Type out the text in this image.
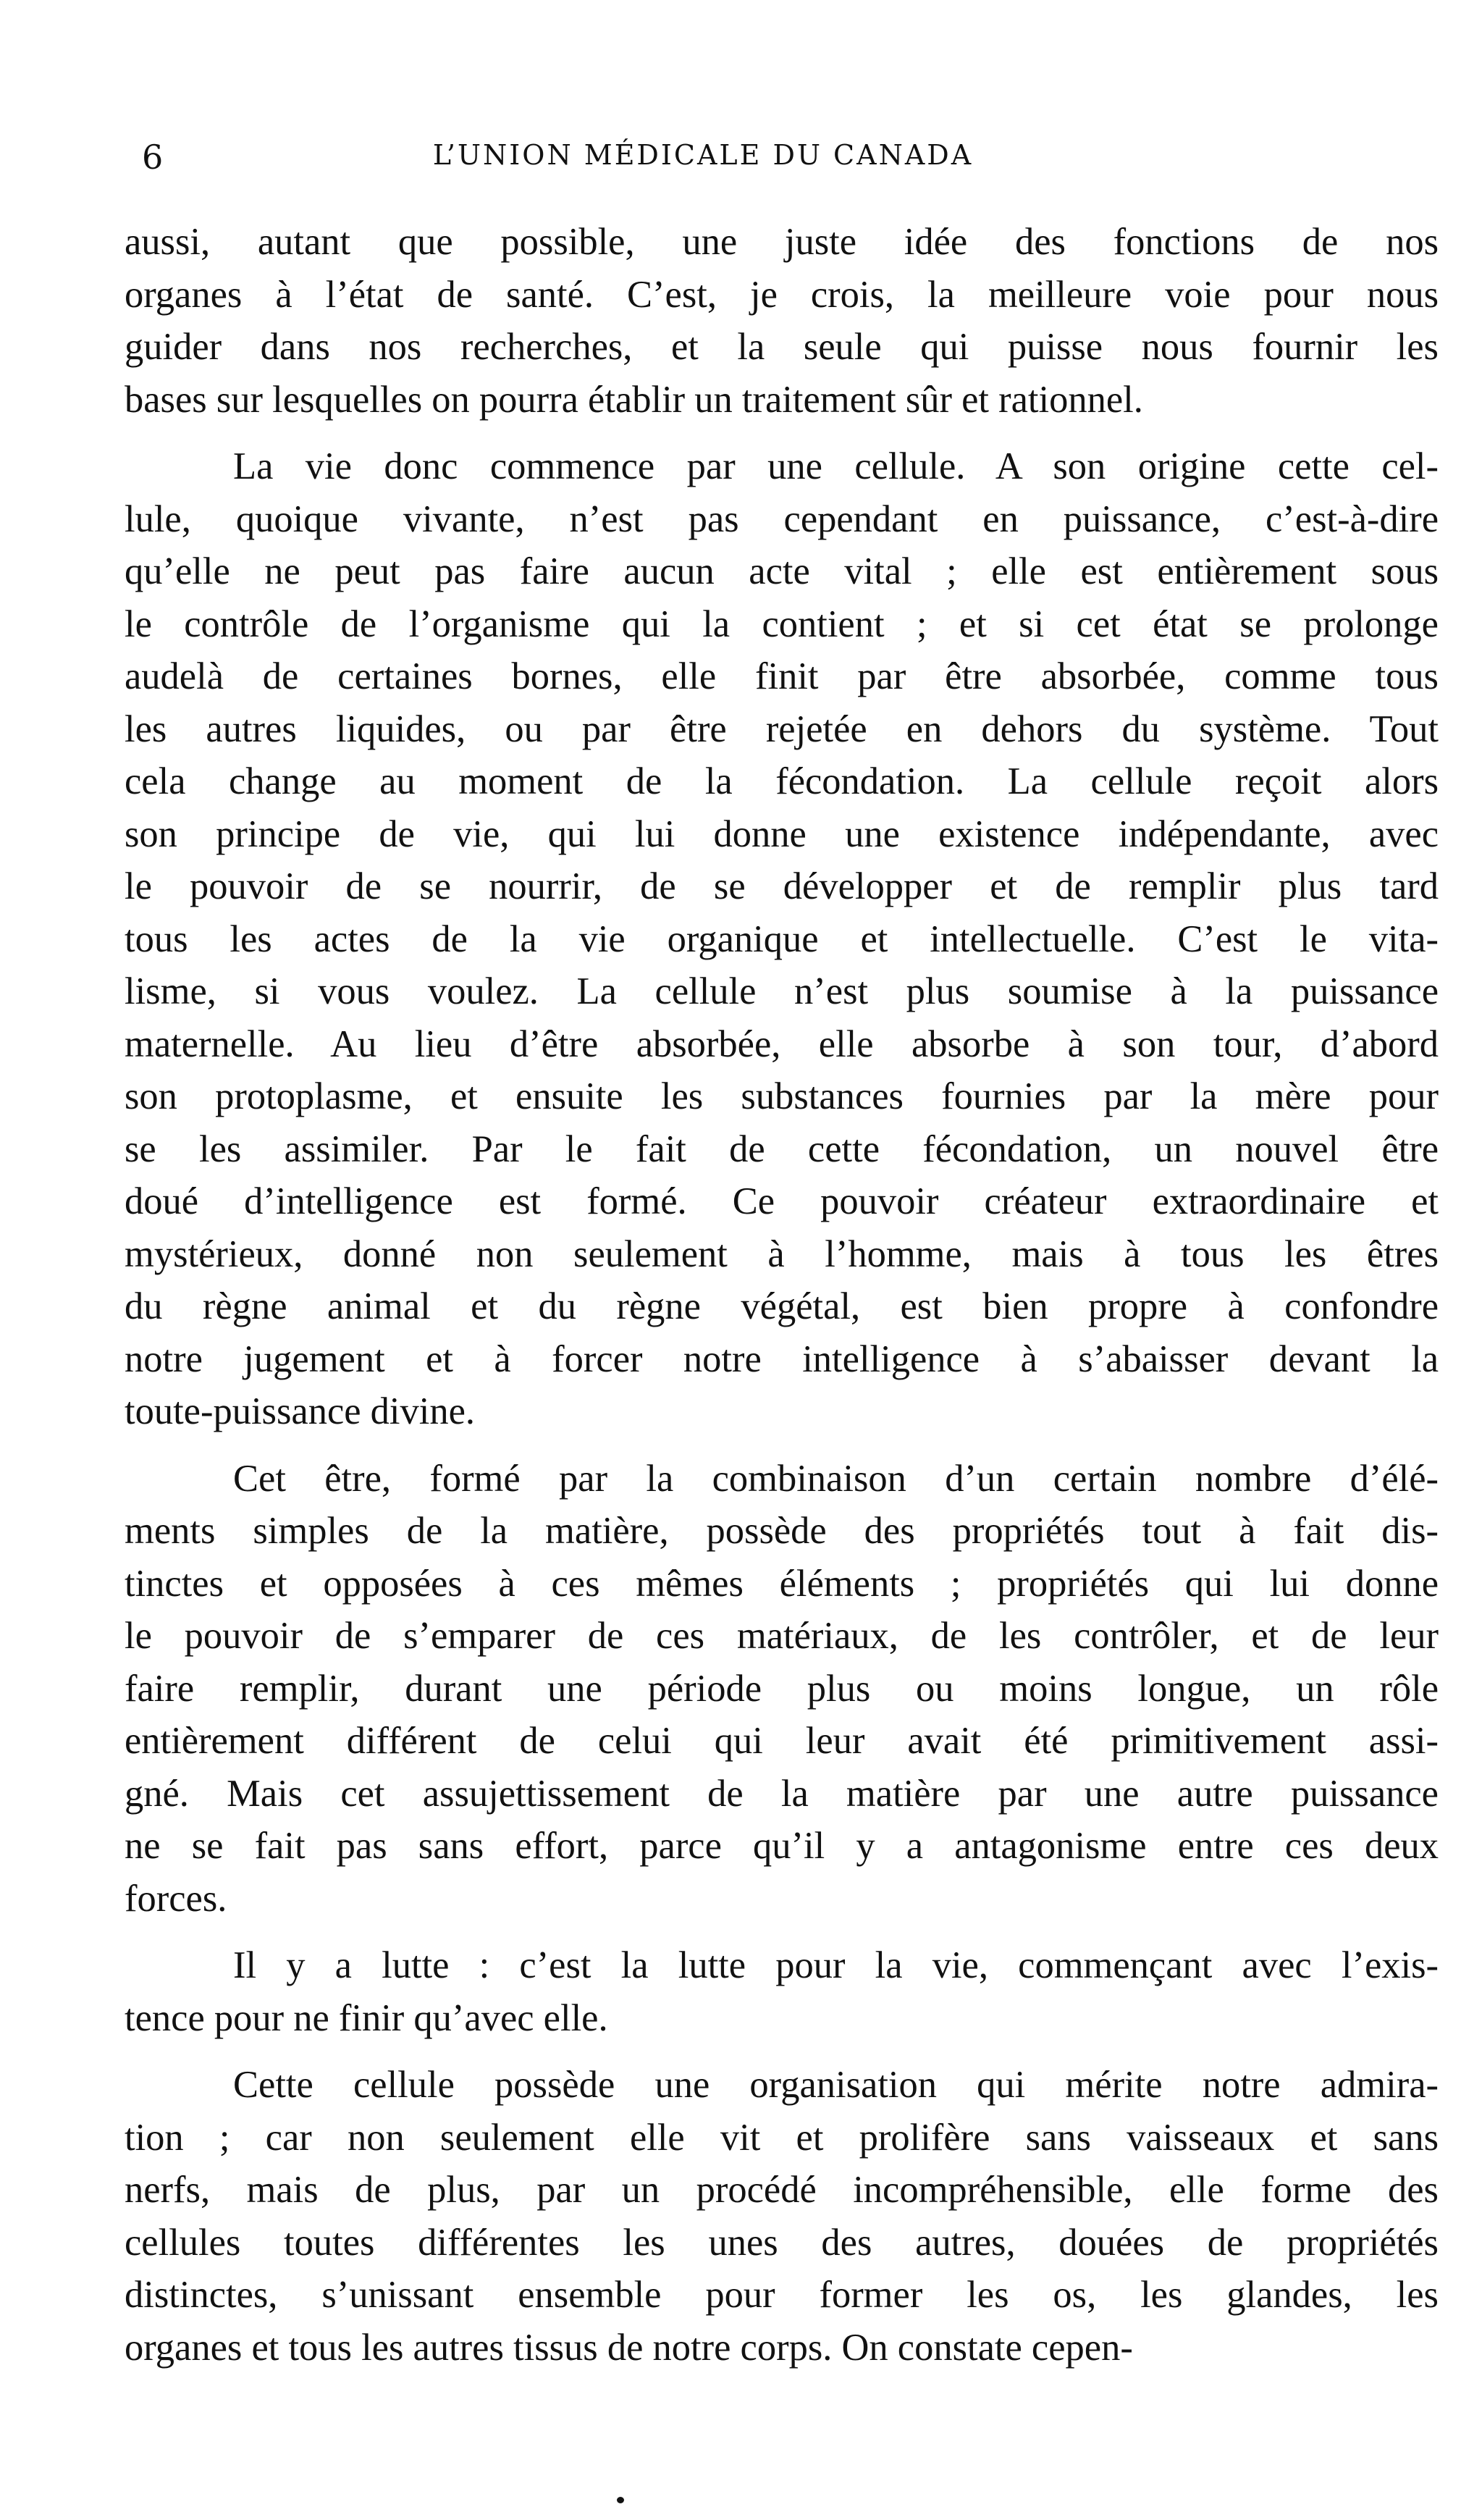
6	L’UNION MÉDICALE DU CANADA
aussi, autant que possible, une juste idée des fonctions de nos
organes à l’état de santé. C’est, je crois, la meilleure voie pour nous
guider dans nos recherches, et la seule qui puisse nous fournir les
bases sur lesquelles on pourra établir un traitement sûr et rationnel.
La vie donc commence par une cellule. A son origine cette cel-
lule, quoique vivante, n’est pas cependant en puissance, c’est-à-dire
qu’elle ne peut pas faire aucun acte vital ; elle est entièrement sous
le contrôle de l’organisme qui la contient ; et si cet état se prolonge
audelà de certaines bornes, elle finit par être absorbée, comme tous
les autres liquides, ou par être rejetée en dehors du système. Tout
cela change au moment de la fécondation. La cellule reçoit alors
son principe de vie, qui lui donne une existence indépendante, avec
le pouvoir de se nourrir, de se développer et de remplir plus tard
tous les actes de la vie organique et intellectuelle. C’est le vita-
lisme, si vous voulez. La cellule n’est plus soumise à la puissance
maternelle. Au lieu d’être absorbée, elle absorbe à son tour, d’abord
son protoplasme, et ensuite les substances fournies par la mère pour
se les assimiler. Par le fait de cette fécondation, un nouvel être
doué d’intelligence est formé. Ce pouvoir créateur extraordinaire et
mystérieux, donné non seulement à l’homme, mais à tous les êtres
du règne animal et du règne végétal, est bien propre à confondre
notre jugement et à forcer notre intelligence à s’abaisser devant la
toute-puissance divine.
Cet être, formé par la combinaison d’un certain nombre d’élé-
ments simples de la matière, possède des propriétés tout à fait dis-
tinctes et opposées à ces mêmes éléments ; propriétés qui lui donne
le pouvoir de s’emparer de ces matériaux, de les contrôler, et de leur
faire remplir, durant une période plus ou moins longue, un rôle
entièrement différent de celui qui leur avait été primitivement assi-
gné. Mais cet assujettissement de la matière par une autre puissance
ne se fait pas sans effort, parce qu’il y a antagonisme entre ces deux
forces.
Il y a lutte : c’est la lutte pour la vie, commençant avec l’exis-
tence pour ne finir qu’avec elle.
Cette cellule possède une organisation qui mérite notre admira-
tion ; car non seulement elle vit et prolifère sans vaisseaux et sans
nerfs, mais de plus, par un procédé incompréhensible, elle forme des
cellules toutes différentes les unes des autres, douées de propriétés
distinctes, s’unissant ensemble pour former les os, les glandes, les
organes et tous les autres tissus de notre corps. On constate cepen-
